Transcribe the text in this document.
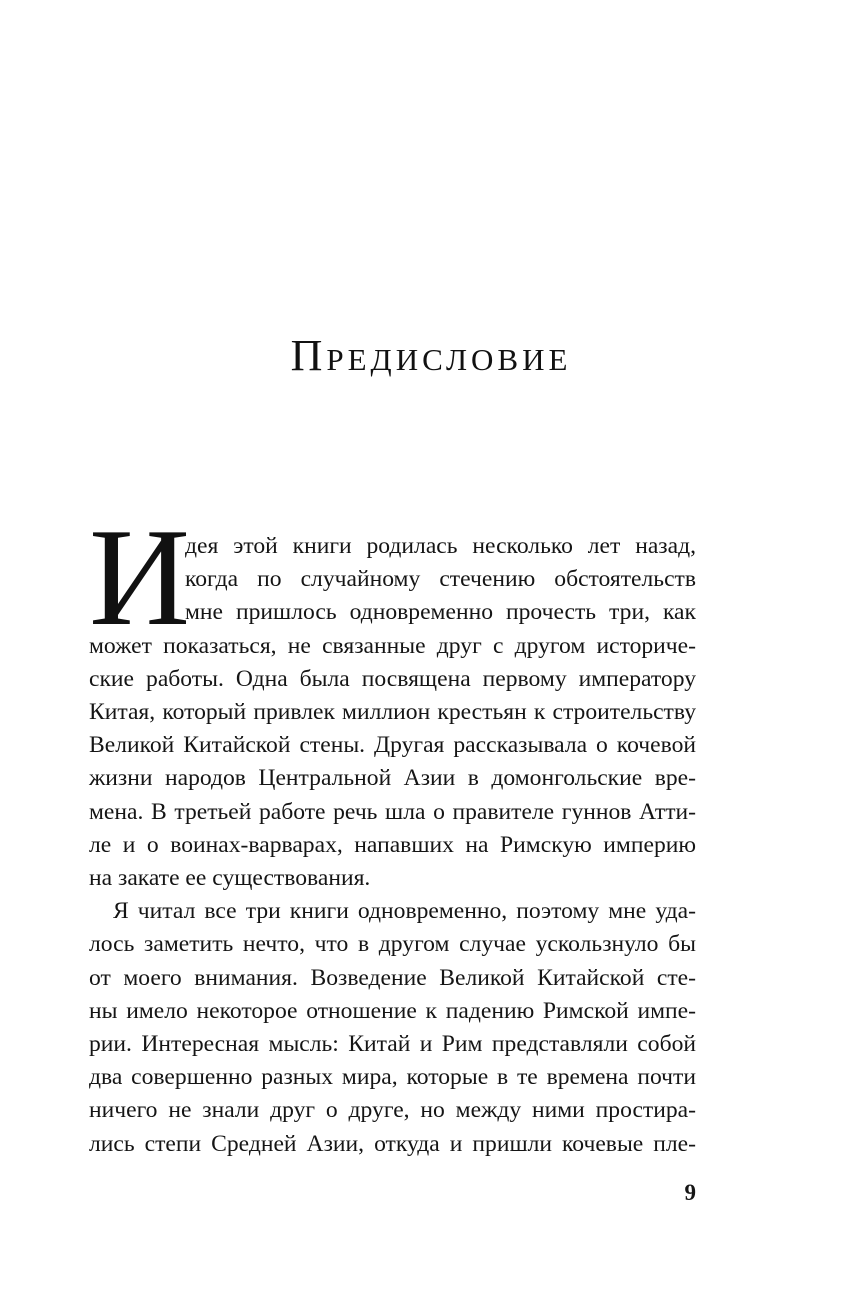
Предисловие
И
дея этой книги родилась несколько лет назад,
когда по случайному стечению обстоятельств
мне пришлось одновременно прочесть три, как
может показаться, не связанные друг с другом историче-
ские работы. Одна была посвящена первому императору
Китая, который привлек миллион крестьян к строительству
Великой Китайской стены. Другая рассказывала о кочевой
жизни народов Центральной Азии в домонгольские вре-
мена. В третьей работе речь шла о правителе гуннов Атти-
ле и о воинах-варварах, напавших на Римскую империю
на закате ее существования.
Я читал все три книги одновременно, поэтому мне уда-
лось заметить нечто, что в другом случае ускользнуло бы
от моего внимания. Возведение Великой Китайской сте-
ны имело некоторое отношение к падению Римской импе-
рии. Интересная мысль: Китай и Рим представляли собой
два совершенно разных мира, которые в те времена почти
ничего не знали друг о друге, но между ними простира-
лись степи Средней Азии, откуда и пришли кочевые пле-
9
